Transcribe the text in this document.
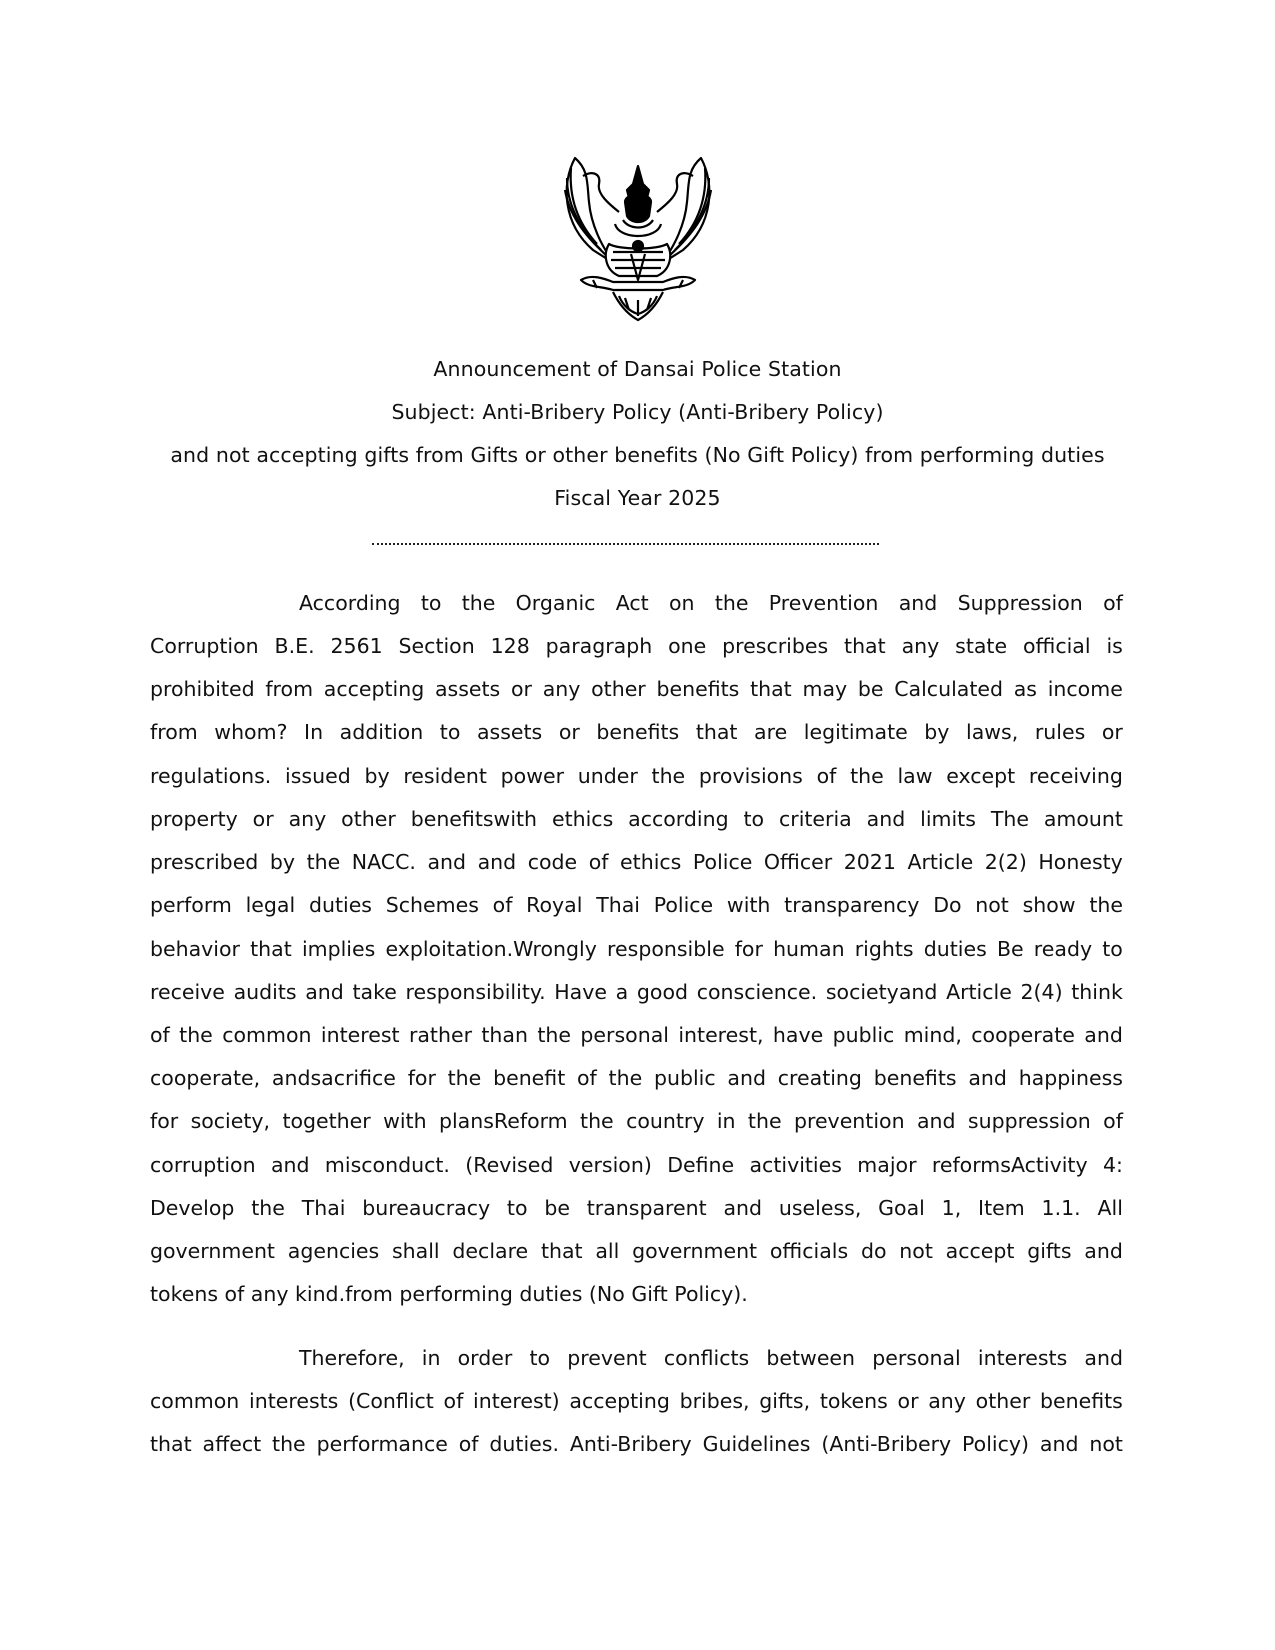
Announcement of Dansai Police Station
Subject: Anti-Bribery Policy (Anti-Bribery Policy)
and not accepting gifts from Gifts or other benefits (No Gift Policy) from performing duties
Fiscal Year 2025
According to the Organic Act on the Prevention and Suppression of
Corruption B.E. 2561 Section 128 paragraph one prescribes that any state official is
prohibited from accepting assets or any other benefits that may be Calculated as income
from whom? In addition to assets or benefits that are legitimate by laws, rules or
regulations. issued by resident power under the provisions of the law except receiving
property or any other benefitswith ethics according to criteria and limits The amount
prescribed by the NACC. and and code of ethics Police Officer 2021 Article 2(2) Honesty
perform legal duties Schemes of Royal Thai Police with transparency Do not show the
behavior that implies exploitation.Wrongly responsible for human rights duties Be ready to
receive audits and take responsibility. Have a good conscience. societyand Article 2(4) think
of the common interest rather than the personal interest, have public mind, cooperate and
cooperate, andsacrifice for the benefit of the public and creating benefits and happiness
for society, together with plansReform the country in the prevention and suppression of
corruption and misconduct. (Revised version) Define activities major reformsActivity 4:
Develop the Thai bureaucracy to be transparent and useless, Goal 1, Item 1.1. All
government agencies shall declare that all government officials do not accept gifts and
tokens of any kind.from performing duties (No Gift Policy).
Therefore, in order to prevent conflicts between personal interests and
common interests (Conflict of interest) accepting bribes, gifts, tokens or any other benefits
that affect the performance of duties. Anti-Bribery Guidelines (Anti-Bribery Policy) and not
